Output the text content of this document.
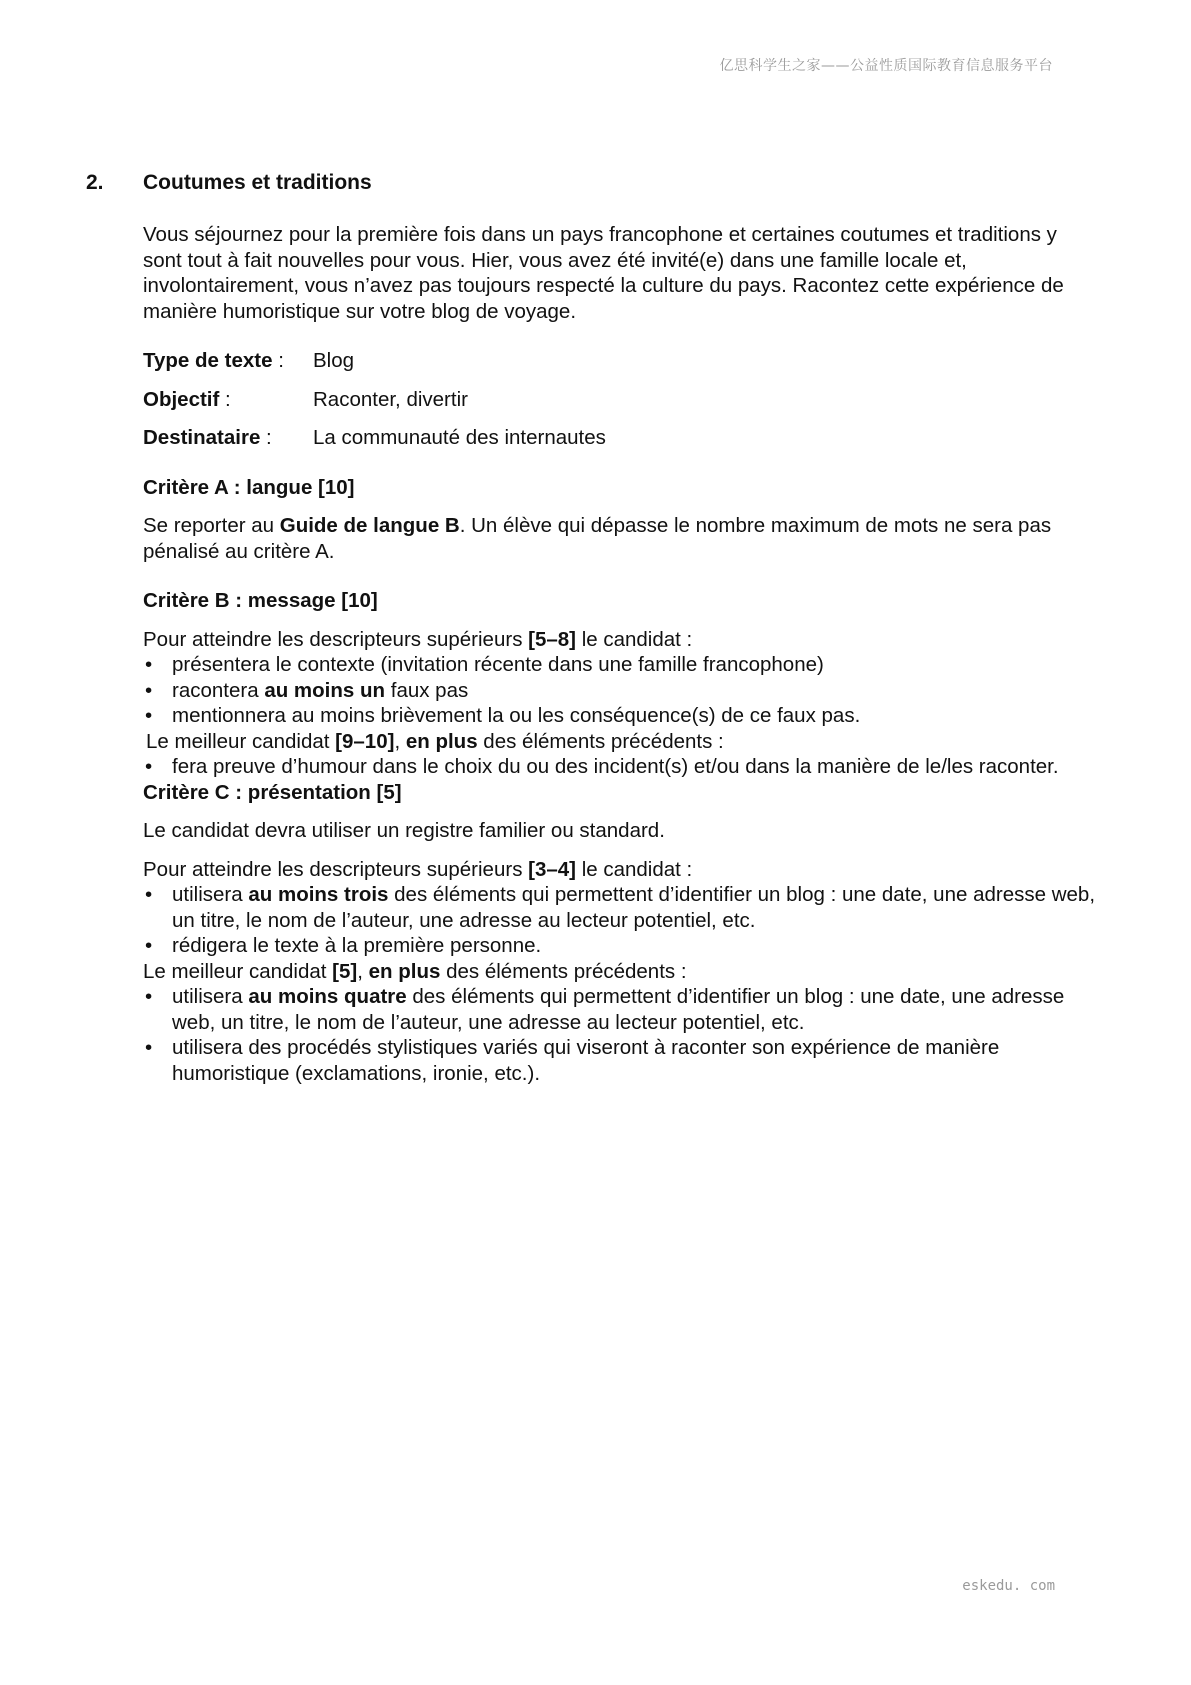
亿思科学生之家——公益性质国际教育信息服务平台
2. Coutumes et traditions

Vous séjournez pour la première fois dans un pays francophone et certaines coutumes et traditions y sont tout à fait nouvelles pour vous. Hier, vous avez été invité(e) dans une famille locale et, involontairement, vous n’avez pas toujours respecté la culture du pays. Racontez cette expérience de manière humoristique sur votre blog de voyage.

Type de texte :	Blog
Objectif :	Raconter, divertir
Destinataire :	La communauté des internautes

Critère A : langue [10]

Se reporter au Guide de langue B. Un élève qui dépasse le nombre maximum de mots ne sera pas pénalisé au critère A.

Critère B : message [10]

Pour atteindre les descripteurs supérieurs [5–8] le candidat :

• présentera le contexte (invitation récente dans une famille francophone)
• racontera au moins un faux pas
• mentionnera au moins brièvement la ou les conséquence(s) de ce faux pas.

Le meilleur candidat [9–10], en plus des éléments précédents :

• fera preuve d’humour dans le choix du ou des incident(s) et/ou dans la manière de le/les raconter.

Critère C : présentation [5]

Le candidat devra utiliser un registre familier ou standard.

Pour atteindre les descripteurs supérieurs [3–4] le candidat :

• utilisera au moins trois des éléments qui permettent d’identifier un blog : une date, une adresse web, un titre, le nom de l’auteur, une adresse au lecteur potentiel, etc.
• rédigera le texte à la première personne.

Le meilleur candidat [5], en plus des éléments précédents :

• utilisera au moins quatre des éléments qui permettent d’identifier un blog : une date, une adresse web, un titre, le nom de l’auteur, une adresse au lecteur potentiel, etc.
• utilisera des procédés stylistiques variés qui viseront à raconter son expérience de manière humoristique (exclamations, ironie, etc.).
eskedu. com
